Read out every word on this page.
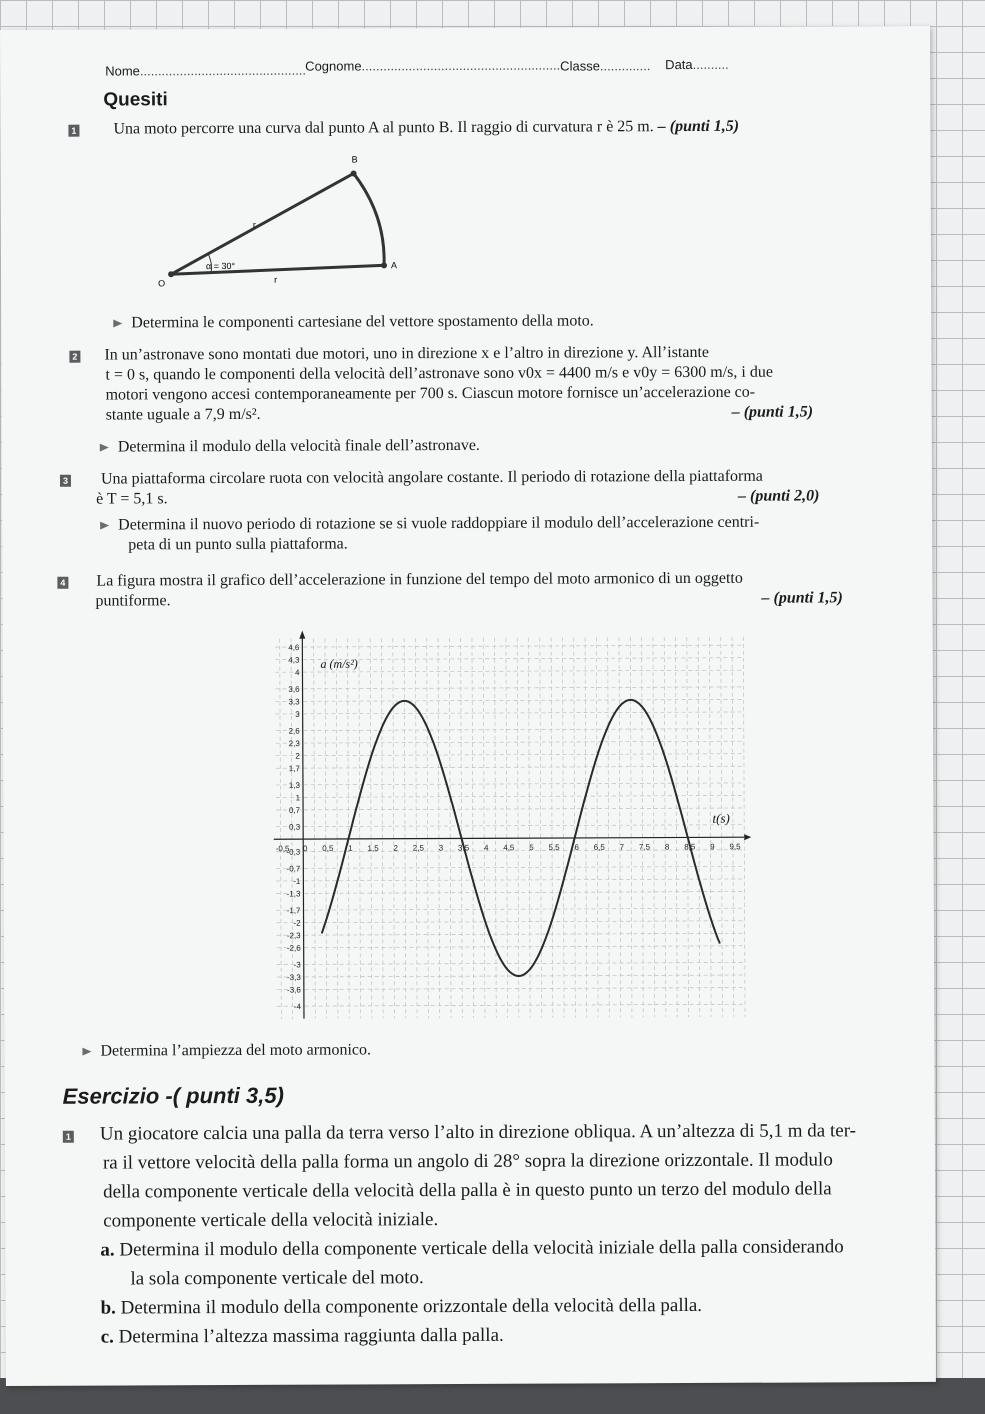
Nome.............................................. Cognome........................................................
Classe.............. Data..........
Quesiti
1 Una moto percorre una curva dal punto A al punto B. Il raggio di curvatura r è 25 m. – (punti 1,5)
B
A
O
r
r
α = 30°
Determina le componenti cartesiane del vettore spostamento della moto.
2 In un’astronave sono montati due motori, uno in direzione x e l’altro in direzione y. All’istante
t = 0 s, quando le componenti della velocità dell’astronave sono v0x = 4400 m/s e v0y = 6300 m/s, i due
motori vengono accesi contemporaneamente per 700 s. Ciascun motore fornisce un’accelerazione co-
stante uguale a 7,9 m/s².	– (punti 1,5)
Determina il modulo della velocità finale dell’astronave.
3 Una piattaforma circolare ruota con velocità angolare costante. Il periodo di rotazione della piattaforma
è T = 5,1 s.	– (punti 2,0)
Determina il nuovo periodo di rotazione se si vuole raddoppiare il modulo dell’accelerazione centri-
peta di un punto sulla piattaforma.
4 La figura mostra il grafico dell’accelerazione in funzione del tempo del moto armonico di un oggetto
puntiforme.	– (punti 1,5)
-0,5 0 0,5 1 1,5 2 2,5 3 3,5 4 4,5 5 5,5 6 6,5 7 7,5 8 8,5 9 9,5
4,6
4,3
4
3,6
3,3
3
2,6
2,3
2
1,7
1,3
1
0,7
0,3
-0,3
-0,7
-1
-1,3
-1,7
-2
-2,3
-2,6
-3
-3,3
-3,6
-4
a (m/s²)
t(s)
Determina l’ampiezza del moto armonico.
Esercizio -( punti 3,5)
1 Un giocatore calcia una palla da terra verso l’alto in direzione obliqua. A un’altezza di 5,1 m da ter-
ra il vettore velocità della palla forma un angolo di 28° sopra la direzione orizzontale. Il modulo
della componente verticale della velocità della palla è in questo punto un terzo del modulo della
componente verticale della velocità iniziale.
a. Determina il modulo della componente verticale della velocità iniziale della palla considerando
la sola componente verticale del moto.
b. Determina il modulo della componente orizzontale della velocità della palla.
c. Determina l’altezza massima raggiunta dalla palla.
